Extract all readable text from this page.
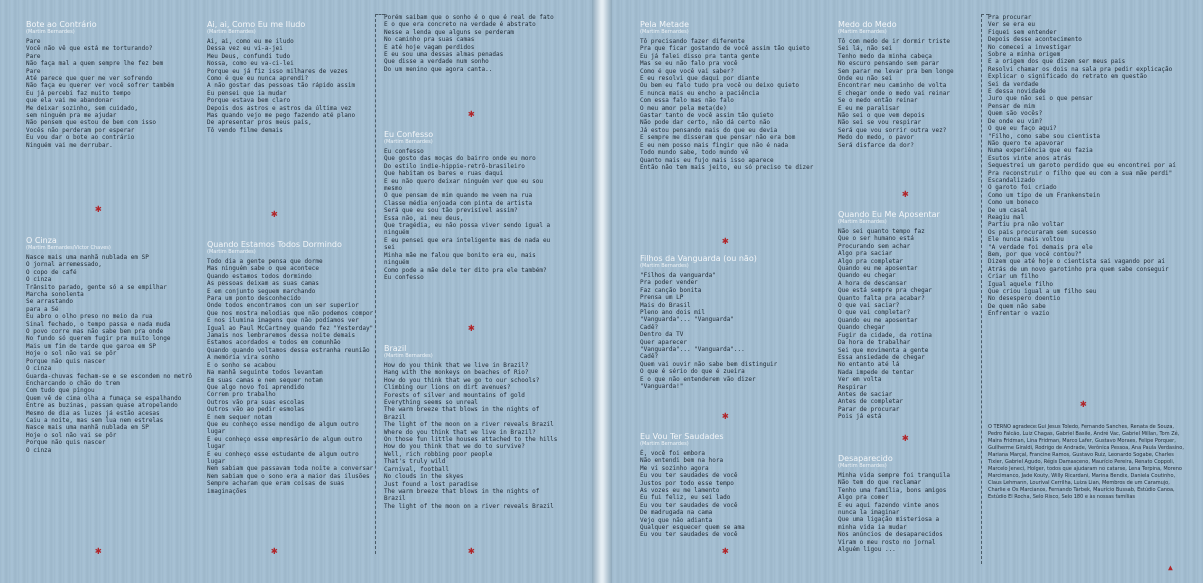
Bote ao Contrário
(Martim Bernardes)
Pare
Você não vê que está me torturando?
Pare
Não faça mal a quem sempre lhe fez bem
Pare
Até parece que quer me ver sofrendo
Não faça eu querer ver você sofrer também
Eu já percebi faz muito tempo
que ela vai me abandonar
Me deixar sozinho, sem cuidado,
sem ninguém pra me ajudar
Não pensem que estou de bem com isso
Vocês não perderam por esperar
Eu vou dar o bote ao contrário
Ninguém vai me derrubar.
O Cinza
(Martim Bernardes/Victor Chaves)
Nasce mais uma manhã nublada em SP
O jornal arremessado,
O copo de café
O cinza
Trânsito parado, gente só a se empilhar
Marcha sonolenta
Se arrastando
para a Sé
Eu abro o olho preso no meio da rua
Sinal fechado, o tempo passa e nada muda
O povo corre mas não sabe bem pra onde
No fundo só querem fugir pra muito longe
Mais um fim de tarde que garoa em SP
Hoje o sol não vai se pôr
Porque não quis nascer
O cinza
Guarda-chuvas fecham-se e se escondem no metrô
Encharcando o chão do trem
Com tudo que pingou
Quem vê de cima olha a fumaça se espalhando
Entre as buzinas, passam quase atropelando
Mesmo de dia as luzes já estão acesas
Caiu a noite, mas sem lua nem estrelas
Nasce mais uma manhã nublada em SP
Hoje o sol não vai se pôr
Porque não quis nascer
O cinza
✱
✱
Ai, ai, Como Eu me Iludo
(Martim Bernardes)
Ai, ai, como eu me iludo
Dessa vez eu vi-a-jei
Meu Deus, confundi tudo
Nossa, como eu va-ci-lei
Porque eu já fiz isso milhares de vezes
Como é que eu nunca aprendi?
A não gostar das pessoas tão rápido assim
Eu pensei que ia mudar
Porque estava bem claro
Depois dos astros e astros da última vez
Mas quando vejo me pego fazendo até plano
De apresentar pros meus pais,
Tô vendo filme demais
Quando Estamos Todos Dormindo
(Martim Bernardes)
Todo dia a gente pensa que dorme
Mas ninguém sabe o que acontece
Quando estamos todos dormindo
As pessoas deixam as suas camas
E em conjunto seguem marchando
Para um ponto desconhecido
Onde todos encontramos com um ser superior
Que nos mostra melodias que não podemos compor
E nos ilumina imagens que não podíamos ver
Igual ao Paul McCartney quando fez "Yesterday"
Jamais nos lembraremos dessa noite demais
Estamos acordados e todos em comunhão
Quando quando voltamos dessa estranha reunião
A memória vira sonho
E o sonho se acabou
Na manhã seguinte todos levantam
Em suas camas e nem sequer notam
Que algo novo foi aprendido
Correm pro trabalho
Outros vão pra suas escolas
Outros vão ao pedir esmolas
E nem sequer notam
Que eu conheço esse mendigo de algum outro lugar
E eu conheço esse empresário de algum outro lugar
E eu conheço esse estudante de algum outro lugar
Nem sabiam que passavam toda noite a conversar
Nem sabiam que o sono era a maior das ilusões
Sempre acharam que eram coisas de suas imaginações
✱
✱
Porém saibam que o sonho é o que é real de fato
E o que era concreto na verdade é abstrato
Nesse a lenda que alguns se perderam
No caminho pra suas camas
E até hoje vagam perdidos
E eu sou uma dessas almas penadas
Que disse a verdade num sonho
Do um menino que agora canta..
Eu Confesso
(Martim Bernardes)
Eu confesso
Que gosto das moças do bairro onde eu moro
Do estilo indie-hippie-retrô-brasileiro
Que habitam os bares e ruas daqui
E eu não quero deixar ninguém ver que eu sou mesmo
O que pensam de mim quando me veem na rua
Classe média enjoada com pinta de artista
Será que eu sou tão previsível assim?
Essa não, ai meu deus,
Que tragédia, eu não possa viver sendo igual a ninguém
E eu pensei que era inteligente mas de nada eu sei
Minha mãe me falou que bonito era eu, mais ninguém
Como pode a mãe dele ter dito pra ele também?
Eu confesso
Brazil
(Martim Bernardes)
How do you think that we live in Brazil?
Hang with the monkeys on beaches of Rio?
How do you think that we go to our schools?
Climbing our lions on dirt avenues?
Forests of silver and mountains of gold
Everything seems so unreal
The warm breeze that blows in the nights of Brazil
The light of the moon on a river reveals Brazil
Where do you think that we live in Brazil?
On those fun little houses attached to the hills
How do you think that we do to survive?
Well, rich robbing poor people
That's truly wild
Carnival, football
No clouds in the skyes
Just found a lost paradise
The warm breeze that blows in the nights of Brazil
The light of the moon on a river reveals Brazil
✱
✱
✱
Pela Metade
(Martim Bernardes)
Tô precisando fazer diferente
Pra que ficar gostando de você assim tão quieto
Eu já falei disso pra tanta gente
Mas se eu não falo pra você
Como é que você vai saber?
E eu resolvi que daqui por diante
Ou bem eu falo tudo pra você ou deixo quieto
E nunca mais eu encho a paciência
Com essa falo mas não falo
O meu amor pela meta(de)
Gastar tanto de você assim tão quieto
Não pode dar certo, não dá certo não
Já estou pensando mais do que eu devia
E sempre me disseram que pensar não era bom
E eu nem posso mais fingir que não é nada
Todo mundo sabe, todo mundo vê
Quanto mais eu fujo mais isso aparece
Então não tem mais jeito, eu só preciso te dizer
Filhos da Vanguarda (ou não)
(Martim Bernardes)
"Filhos da vanguarda"
Pra poder vender
Faz canção bonita
Prensa um LP
Mais do Brasil
Pleno ano dois mil
"Vanguarda"... "Vanguarda"
Cadê?
Dentro da TV
Quer aparecer
"Vanguarda"... "Vanguarda"...
Cadê?
Quem vai ouvir não sabe bem distinguir
O que é sério do que é zueira
E o que não entenderem vão dizer
"Vanguarda!"
Eu Vou Ter Saudades
(Martim Bernardes)
É, você foi embora
Não entendi bem na hora
Me vi sozinho agora
Eu vou ter saudades de você
Justos por todo esse tempo
As vozes eu me lamento
Eu fui feliz, eu sei lado
Eu vou ter saudades de você
De madrugada na cama
Vejo que não adianta
Qualquer esquecer quem se ama
Eu vou ter saudades de você
✱
✱
✱
Medo do Medo
(Martim Bernardes)
Tô com medo de ir dormir triste
Sei lá, não sei
Tenho medo da minha cabeça
No escuro pensando sem parar
Sem parar me levar pra bem longe
Onde eu não sei
Encontrar meu caminho de volta
E chegar onde o medo vai reinar
Se o medo então reinar
E eu me paralisar
Não sei o que vem depois
Não sei se vou respirar
Será que vou sorrir outra vez?
Medo do medo, o pavor
Será disfarce da dor?
Quando Eu Me Aposentar
(Martim Bernardes)
Não sei quanto tempo faz
Que o ser humano está
Procurando sem achar
Algo pra saciar
Algo pra completar
Quando eu me aposentar
Quando eu chegar
A hora de descansar
Que está sempre pra chegar
Quanto falta pra acabar?
O que vai saciar?
O que vai completar?
Quando eu me aposentar
Quando chegar
Fugir da cidade, da rotina
Da hora de trabalhar
Sei que movimenta a gente
Essa ansiedade de chegar
No entanto até lá
Nada impede de tentar
Ver em volta
Respirar
Antes de saciar
Antes de completar
Parar de procurar
Pois já está
Desaparecido
(Martim Bernardes)
Minha vida sempre foi tranquila
Não tem do que reclamar
Tenho uma família, bons amigos
Algo pra comer
E eu aqui fazendo vinte anos
nunca la imaginar
Que uma ligação misteriosa a
minha vida ia mudar
Nos anúncios de desaparecidos
Viram o meu rosto no jornal
Alguém ligou ...
✱
✱
Pra procurar
Ver se era eu
Fiquei sem entender
Depois desse acontecimento
No comecei a investigar
Sobre a minha origem
E a origem dos que dizem ser meus pais
Resolvi chamar os dois na sala pra pedir explicação
Explicar o significado do retrato em questão
Sei da verdade
E dessa novidade
Juro que não sei o que pensar
Pensar de mim
Quem são vocês?
De onde eu vim?
O que eu faço aqui?
"Filho, como sabe sou cientista
Não quero te apavorar
Numa experiência que eu fazia
Esutos vinte anos atrás
Sequestrei um garoto perdido que eu encontrei por aí
Pra reconstruir o filho que eu com a sua mãe perdi"
Escandalizado
O garoto foi criado
Como um tipo de um Frankenstein
Como um boneco
De um casal
Reagiu mal
Partiu pra não voltar
Os pais procuraram sem sucesso
Ele nunca mais voltou
"A verdade foi demais pra ele
Bem, por que você contou?"
Dizem que até hoje o cientista sai vagando por aí
Atrás de um novo garotinho pra quem sabe conseguir
Criar um filho
Igual aquele filho
Que criou igual a um filho seu
No desespero doentio
De quem não sabe
Enfrentar o vazio
O TERNO agradece:Gui Jesus Toledo, Fernando Sanches, Renata de Souza, Pedro Falcão, Luiz Chagas, Gabriel Basile, André Vac, Gabriel Millan, Tom Zé, Maira Fridman, Lina Fridman, Marco Lafer, Gustavo Moraes, Felipe Porquer, Guilherme Giraldi, Rodrigo de Andrade, Verônica Pessoa, Ana Paula Verdasino, Mariana Marçal, Francine Ramos, Gustavo Ruiz, Leonardo Sogabe, Charles Tixier, Gabriel Agudo, Régis Damasceno, Maurício Pereira, Renato Coppoli, Marcelo Jeneci, Holger, todos que ajudaram no catarse, Lena Terpina, Moreno Marcimanco, Jade Kouty, Willy Ricardani, Marina Bendix, Daniela Coutinho, Claus Lehmann, Lourival Cerrilha, Luiza Lian, Membros de um Caramujo, Charlie e Os Marcianos, Fernando Tarbek, Maurício Bussab, Estúdio Canoa, Estúdio El Rocha, Selo Risco, Selo 180 e às nossas famílias
✱
▲
